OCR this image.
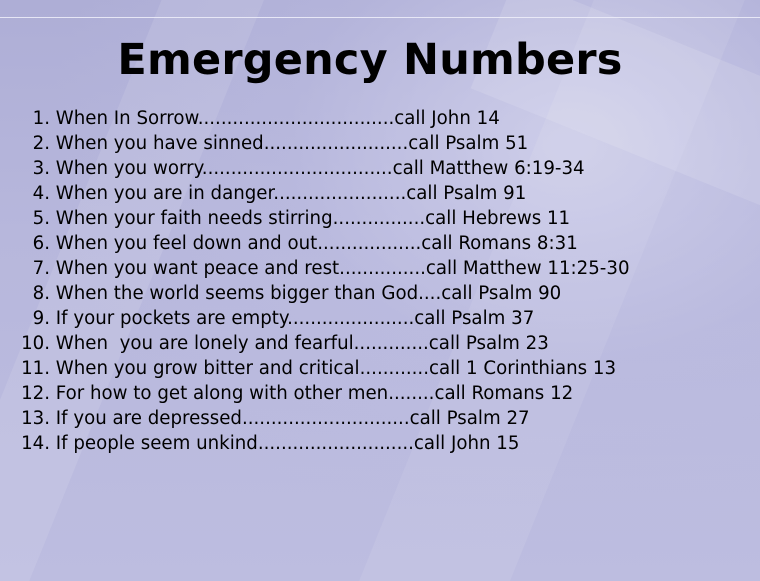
Emergency Numbers
1. When In Sorrow..................................call John 14
2. When you have sinned.........................call Psalm 51
3. When you worry.................................call Matthew 6:19-34
4. When you are in danger.......................call Psalm 91
5. When your faith needs stirring................call Hebrews 11
6. When you feel down and out..................call Romans 8:31
7. When you want peace and rest...............call Matthew 11:25-30
8. When the world seems bigger than God....call Psalm 90
9. If your pockets are empty......................call Psalm 37
10. When  you are lonely and fearful.............call Psalm 23
11. When you grow bitter and critical............call 1 Corinthians 13
12. For how to get along with other men........call Romans 12
13. If you are depressed.............................call Psalm 27
14. If people seem unkind...........................call John 15
